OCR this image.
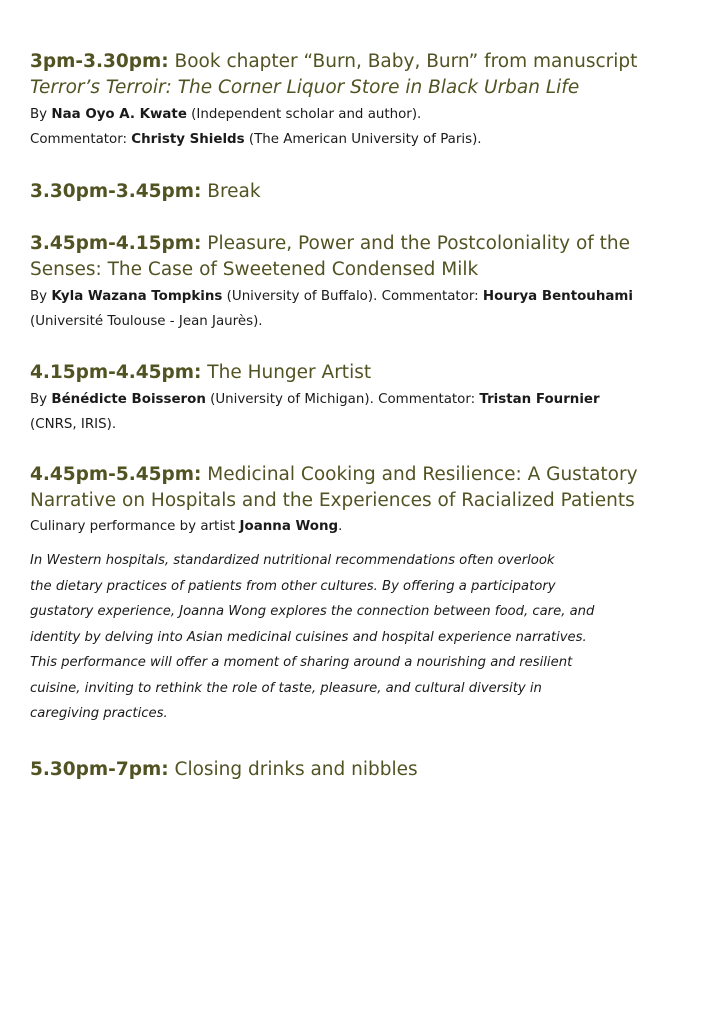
3pm-3.30pm: Book chapter “Burn, Baby, Burn” from manuscript

Terror’s Terroir: The Corner Liquor Store in Black Urban Life

By Naa Oyo A. Kwate (Independent scholar and author).

Commentator: Christy Shields (The American University of Paris).

3.30pm-3.45pm: Break

3.45pm-4.15pm: Pleasure, Power and the Postcoloniality of the

Senses: The Case of Sweetened Condensed Milk

By Kyla Wazana Tompkins (University of Buffalo). Commentator: Hourya Bentouhami

(Université Toulouse - Jean Jaurès).

4.15pm-4.45pm: The Hunger Artist

By Bénédicte Boisseron (University of Michigan). Commentator: Tristan Fournier

(CNRS, IRIS).

4.45pm-5.45pm: Medicinal Cooking and Resilience: A Gustatory

Narrative on Hospitals and the Experiences of Racialized Patients

Culinary performance by artist Joanna Wong.

In Western hospitals, standardized nutritional recommendations often overlook
the dietary practices of patients from other cultures. By offering a participatory
gustatory experience, Joanna Wong explores the connection between food, care, and
identity by delving into Asian medicinal cuisines and hospital experience narratives.
This performance will offer a moment of sharing around a nourishing and resilient
cuisine, inviting to rethink the role of taste, pleasure, and cultural diversity in
caregiving practices.

5.30pm-7pm: Closing drinks and nibbles
